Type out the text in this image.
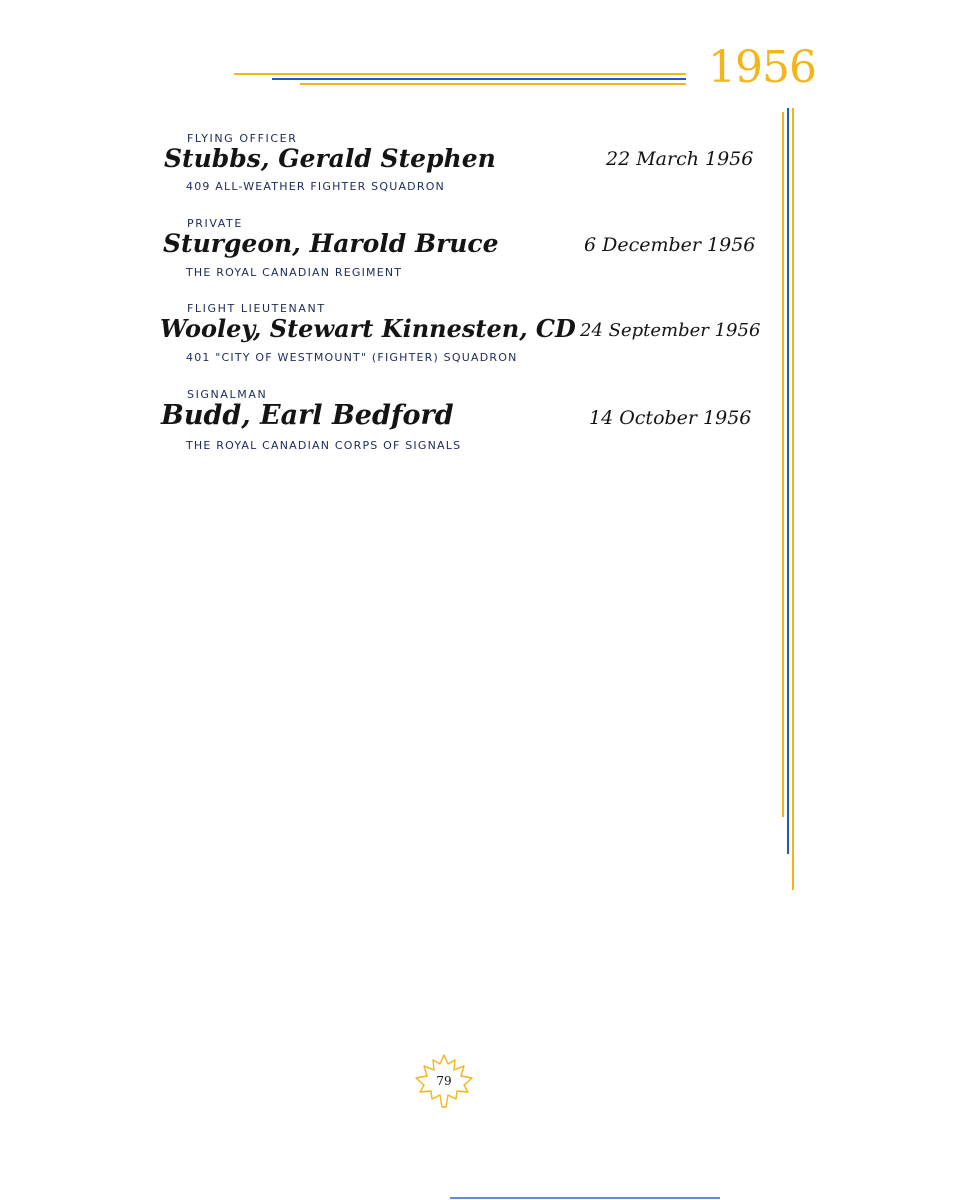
1956
FLYING OFFICER
Stubbs, Gerald Stephen
409 ALL-WEATHER FIGHTER SQUADRON
22 March 1956
PRIVATE
Sturgeon, Harold Bruce
THE ROYAL CANADIAN REGIMENT
6 December 1956
FLIGHT LIEUTENANT
Wooley, Stewart Kinnesten, CD
401 "CITY OF WESTMOUNT" (FIGHTER) SQUADRON
24 September 1956
SIGNALMAN
Budd, Earl Bedford
THE ROYAL CANADIAN CORPS OF SIGNALS
14 October 1956
79
